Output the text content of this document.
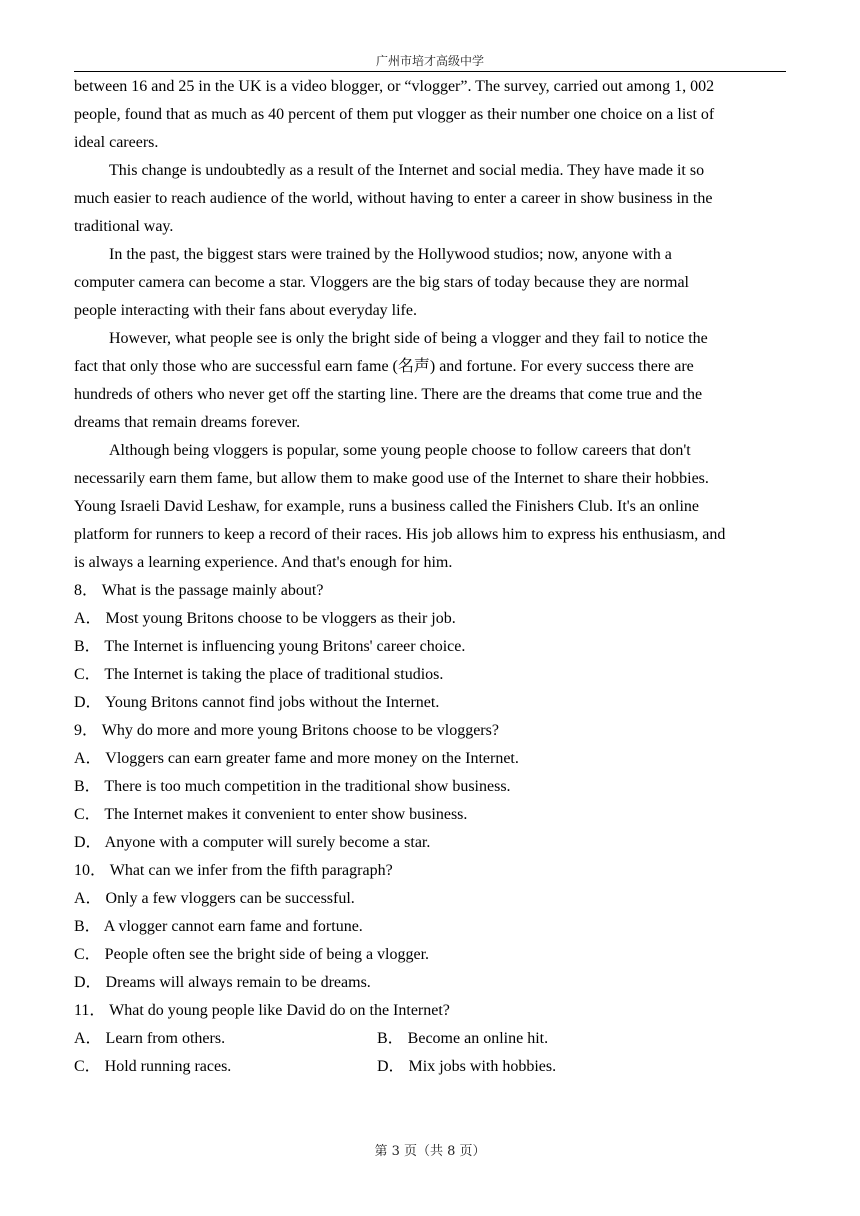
广州市培才高级中学
between 16 and 25 in the UK is a video blogger, or “vlogger”. The survey, carried out among 1, 002
people, found that as much as 40 percent of them put vlogger as their number one choice on a list of
ideal careers.
This change is undoubtedly as a result of the Internet and social media. They have made it so
much easier to reach audience of the world, without having to enter a career in show business in the
traditional way.
In the past, the biggest stars were trained by the Hollywood studios; now, anyone with a
computer camera can become a star. Vloggers are the big stars of today because they are normal
people interacting with their fans about everyday life.
However, what people see is only the bright side of being a vlogger and they fail to notice the
fact that only those who are successful earn fame (名声) and fortune. For every success there are
hundreds of others who never get off the starting line. There are the dreams that come true and the
dreams that remain dreams forever.
Although being vloggers is popular, some young people choose to follow careers that don't
necessarily earn them fame, but allow them to make good use of the Internet to share their hobbies.
Young Israeli David Leshaw, for example, runs a business called the Finishers Club. It's an online
platform for runners to keep a record of their races. His job allows him to express his enthusiasm, and
is always a learning experience. And that's enough for him.
8． What is the passage mainly about?
A． Most young Britons choose to be vloggers as their job.
B． The Internet is influencing young Britons' career choice.
C． The Internet is taking the place of traditional studios.
D． Young Britons cannot find jobs without the Internet.
9． Why do more and more young Britons choose to be vloggers?
A． Vloggers can earn greater fame and more money on the Internet.
B． There is too much competition in the traditional show business.
C． The Internet makes it convenient to enter show business.
D． Anyone with a computer will surely become a star.
10． What can we infer from the fifth paragraph?
A． Only a few vloggers can be successful.
B． A vlogger cannot earn fame and fortune.
C． People often see the bright side of being a vlogger.
D． Dreams will always remain to be dreams.
11． What do young people like David do on the Internet?
A． Learn from others.	B． Become an online hit.
C． Hold running races.	D． Mix jobs with hobbies.
第 3 页（共 8 页）
